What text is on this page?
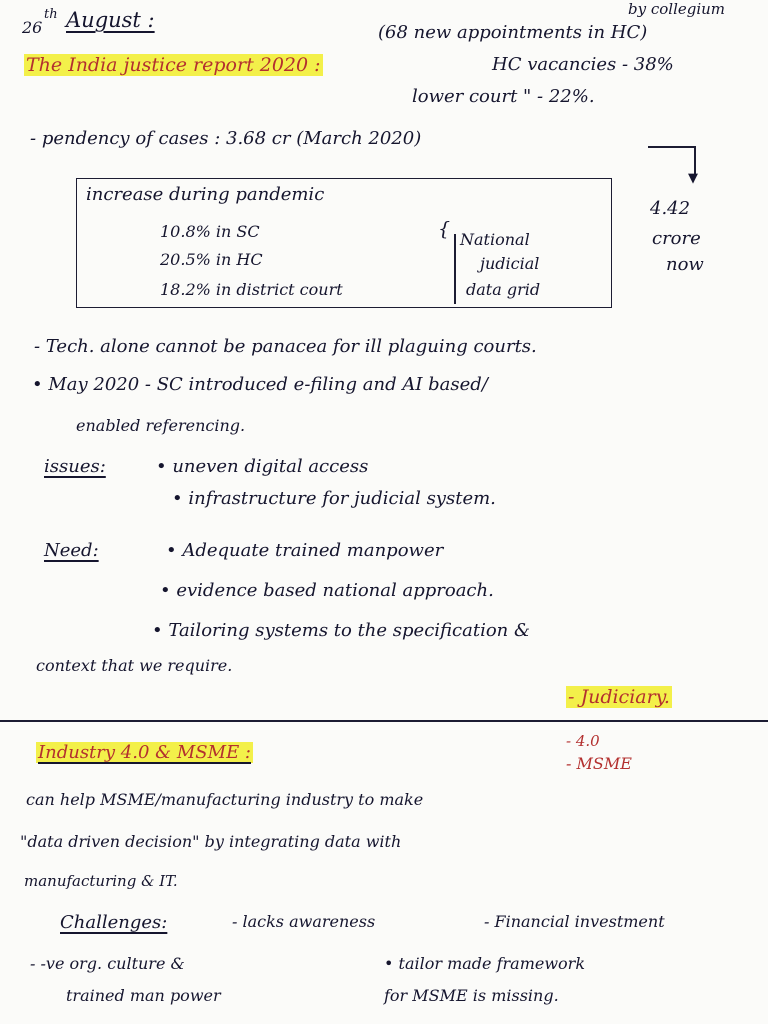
26
th August :	by collegium
(68 new appointments in HC)
The India justice report 2020 :	HC vacancies - 38%
lower court " - 22%.
- pendency of cases : 3.68 cr (March 2020)
▼
4.42
crore
now
increase during pandemic
10.8% in SC
20.5% in HC
18.2% in district court
{ National
judicial
data grid
- Tech. alone cannot be panacea for ill plaguing courts.
• May 2020 - SC introduced e-filing and AI based/
enabled referencing.
issues:	• uneven digital access
• infrastructure for judicial system.
Need:	• Adequate trained manpower
• evidence based national approach.
• Tailoring systems to the specification &
context that we require.
- Judiciary.
Industry 4.0 & MSME :
- 4.0
- MSME
can help MSME/manufacturing industry to make
"data driven decision" by integrating data with
manufacturing & IT.
Challenges:	- lacks awareness	- Financial investment
- -ve org. culture &	• tailor made framework
trained man power	for MSME is missing.
